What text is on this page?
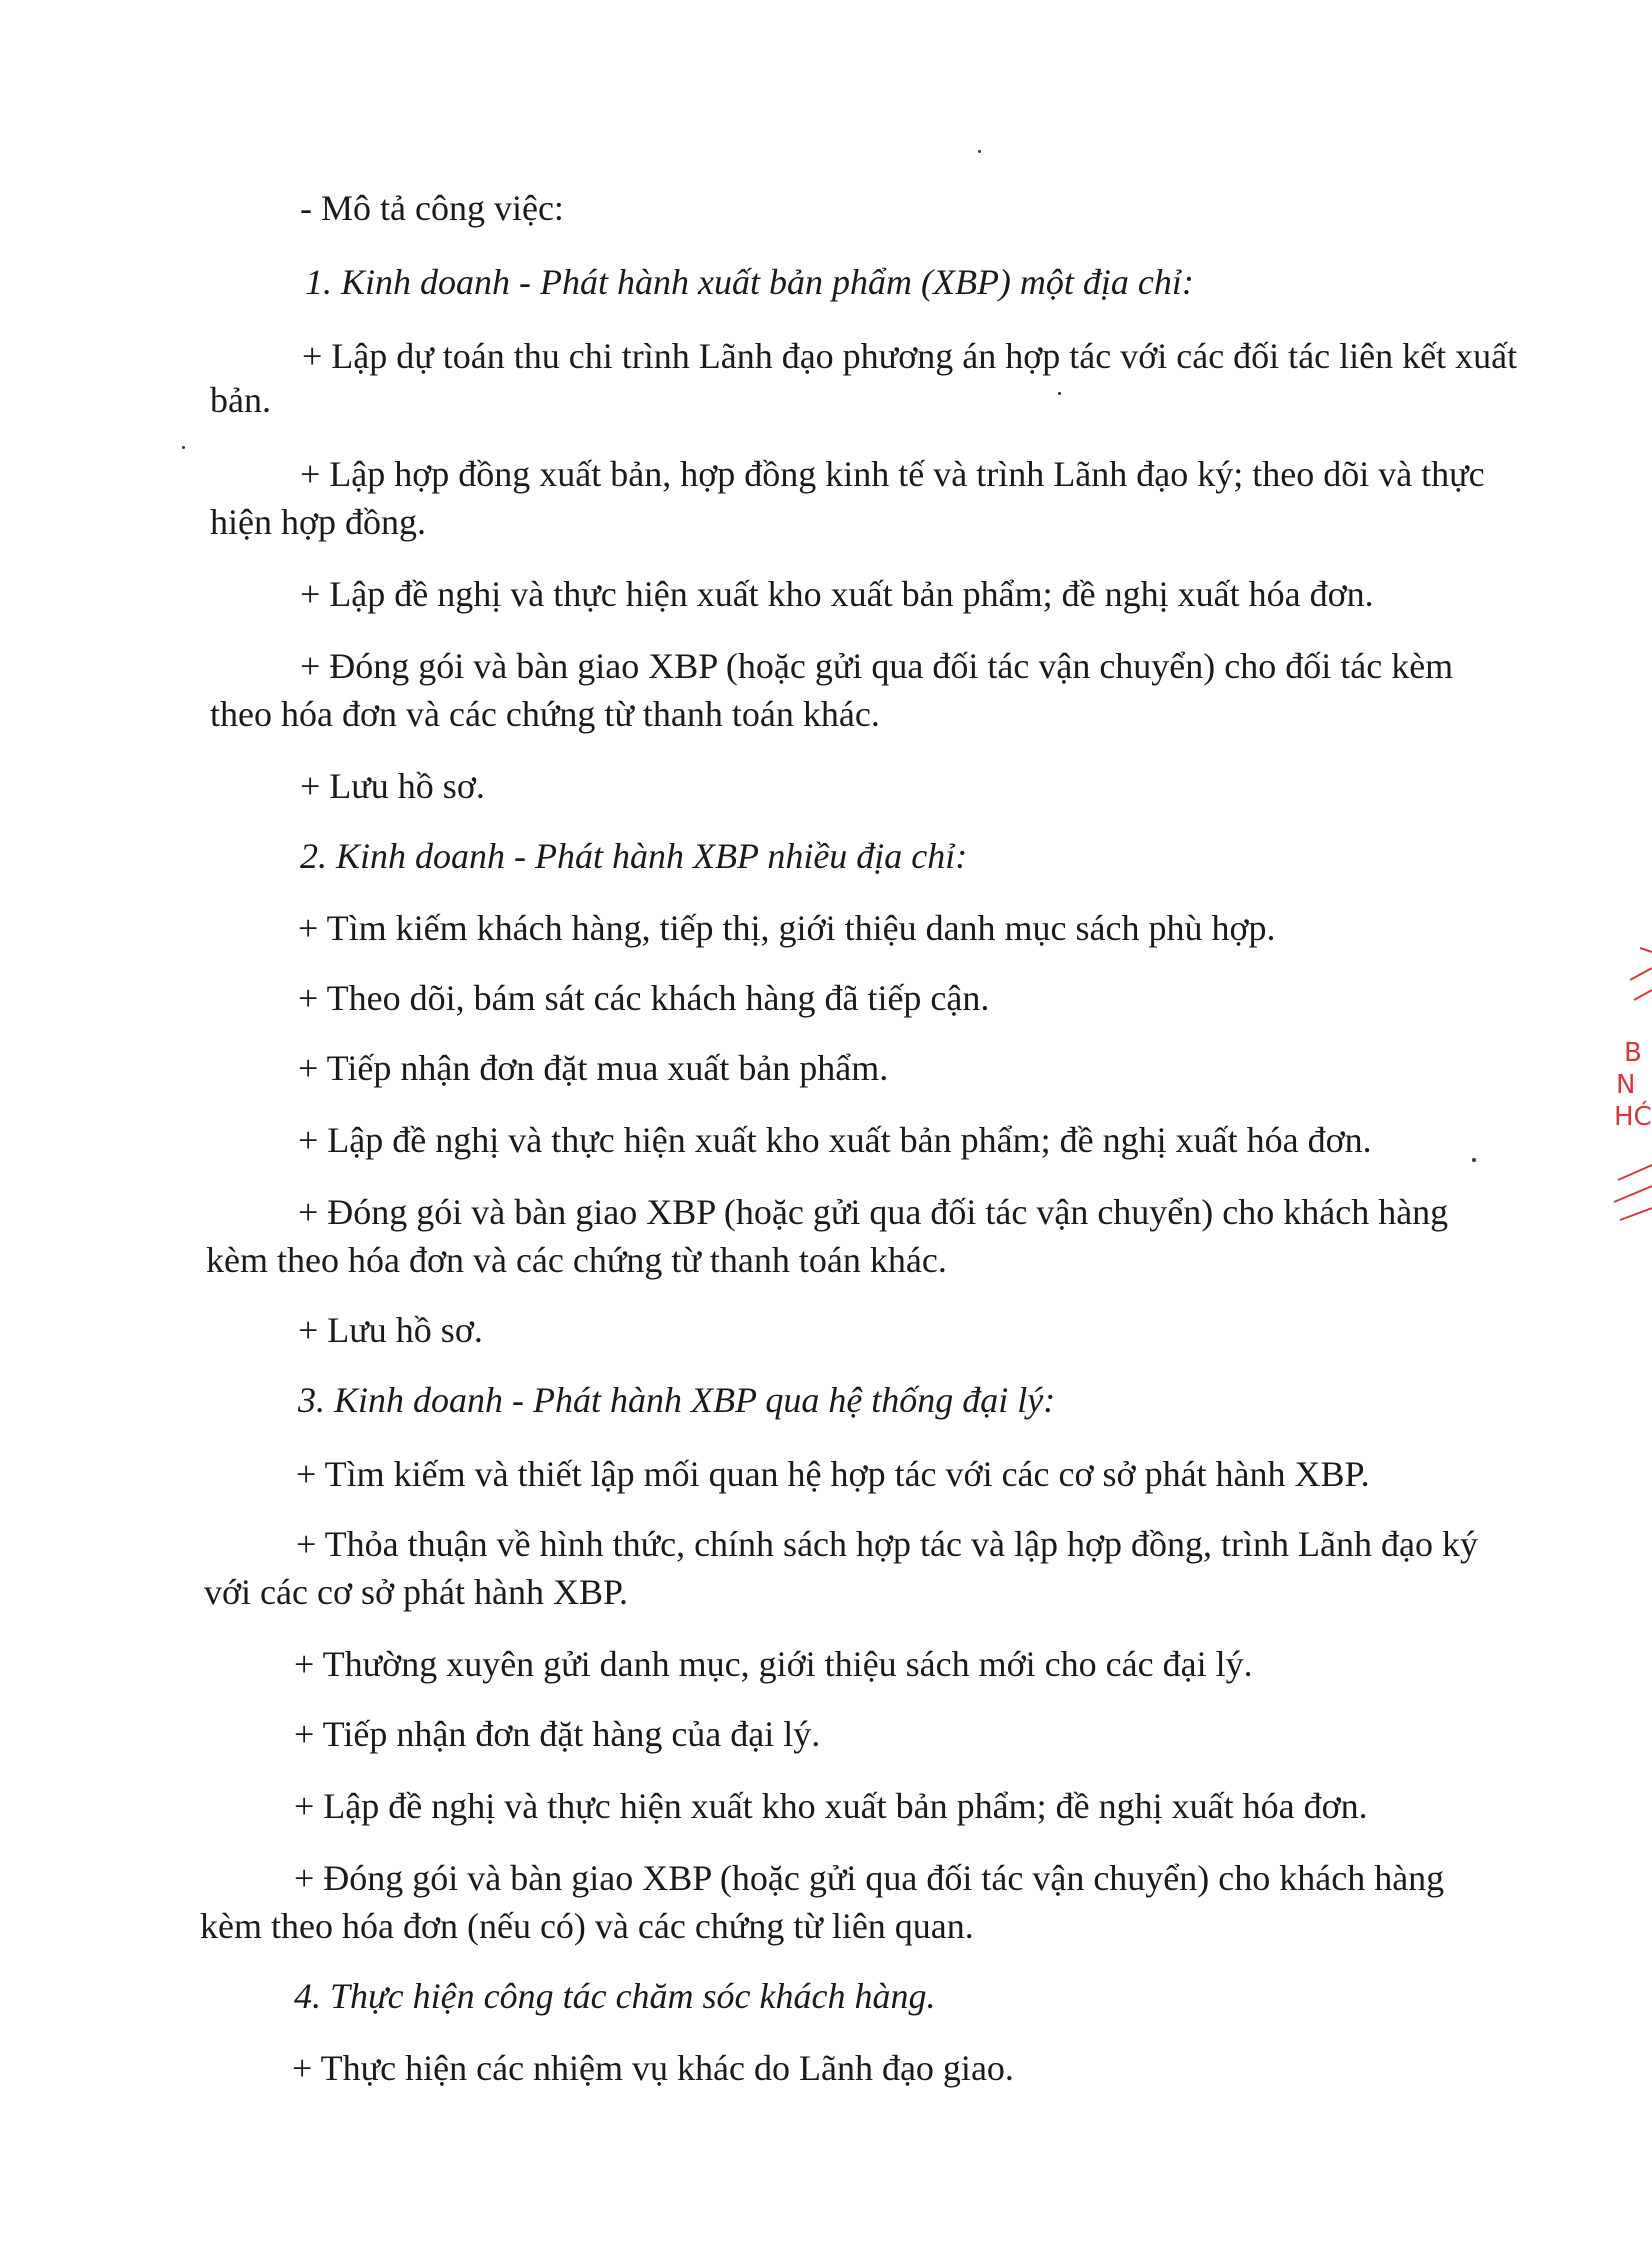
- Mô tả công việc:
1. Kinh doanh - Phát hành xuất bản phẩm (XBP) một địa chỉ:
+ Lập dự toán thu chi trình Lãnh đạo phương án hợp tác với các đối tác liên kết xuất
bản.
+ Lập hợp đồng xuất bản, hợp đồng kinh tế và trình Lãnh đạo ký; theo dõi và thực
hiện hợp đồng.
+ Lập đề nghị và thực hiện xuất kho xuất bản phẩm; đề nghị xuất hóa đơn.
+ Đóng gói và bàn giao XBP (hoặc gửi qua đối tác vận chuyển) cho đối tác kèm
theo hóa đơn và các chứng từ thanh toán khác.
+ Lưu hồ sơ.
2. Kinh doanh - Phát hành XBP nhiều địa chỉ:
+ Tìm kiếm khách hàng, tiếp thị, giới thiệu danh mục sách phù hợp.
+ Theo dõi, bám sát các khách hàng đã tiếp cận.
+ Tiếp nhận đơn đặt mua xuất bản phẩm.
+ Lập đề nghị và thực hiện xuất kho xuất bản phẩm; đề nghị xuất hóa đơn.
+ Đóng gói và bàn giao XBP (hoặc gửi qua đối tác vận chuyển) cho khách hàng
kèm theo hóa đơn và các chứng từ thanh toán khác.
+ Lưu hồ sơ.
3. Kinh doanh - Phát hành XBP qua hệ thống đại lý:
+ Tìm kiếm và thiết lập mối quan hệ hợp tác với các cơ sở phát hành XBP.
+ Thỏa thuận về hình thức, chính sách hợp tác và lập hợp đồng, trình Lãnh đạo ký
với các cơ sở phát hành XBP.
+ Thường xuyên gửi danh mục, giới thiệu sách mới cho các đại lý.
+ Tiếp nhận đơn đặt hàng của đại lý.
+ Lập đề nghị và thực hiện xuất kho xuất bản phẩm; đề nghị xuất hóa đơn.
+ Đóng gói và bàn giao XBP (hoặc gửi qua đối tác vận chuyển) cho khách hàng
kèm theo hóa đơn (nếu có) và các chứng từ liên quan.
4. Thực hiện công tác chăm sóc khách hàng.
+ Thực hiện các nhiệm vụ khác do Lãnh đạo giao.
B
N
HĆ
